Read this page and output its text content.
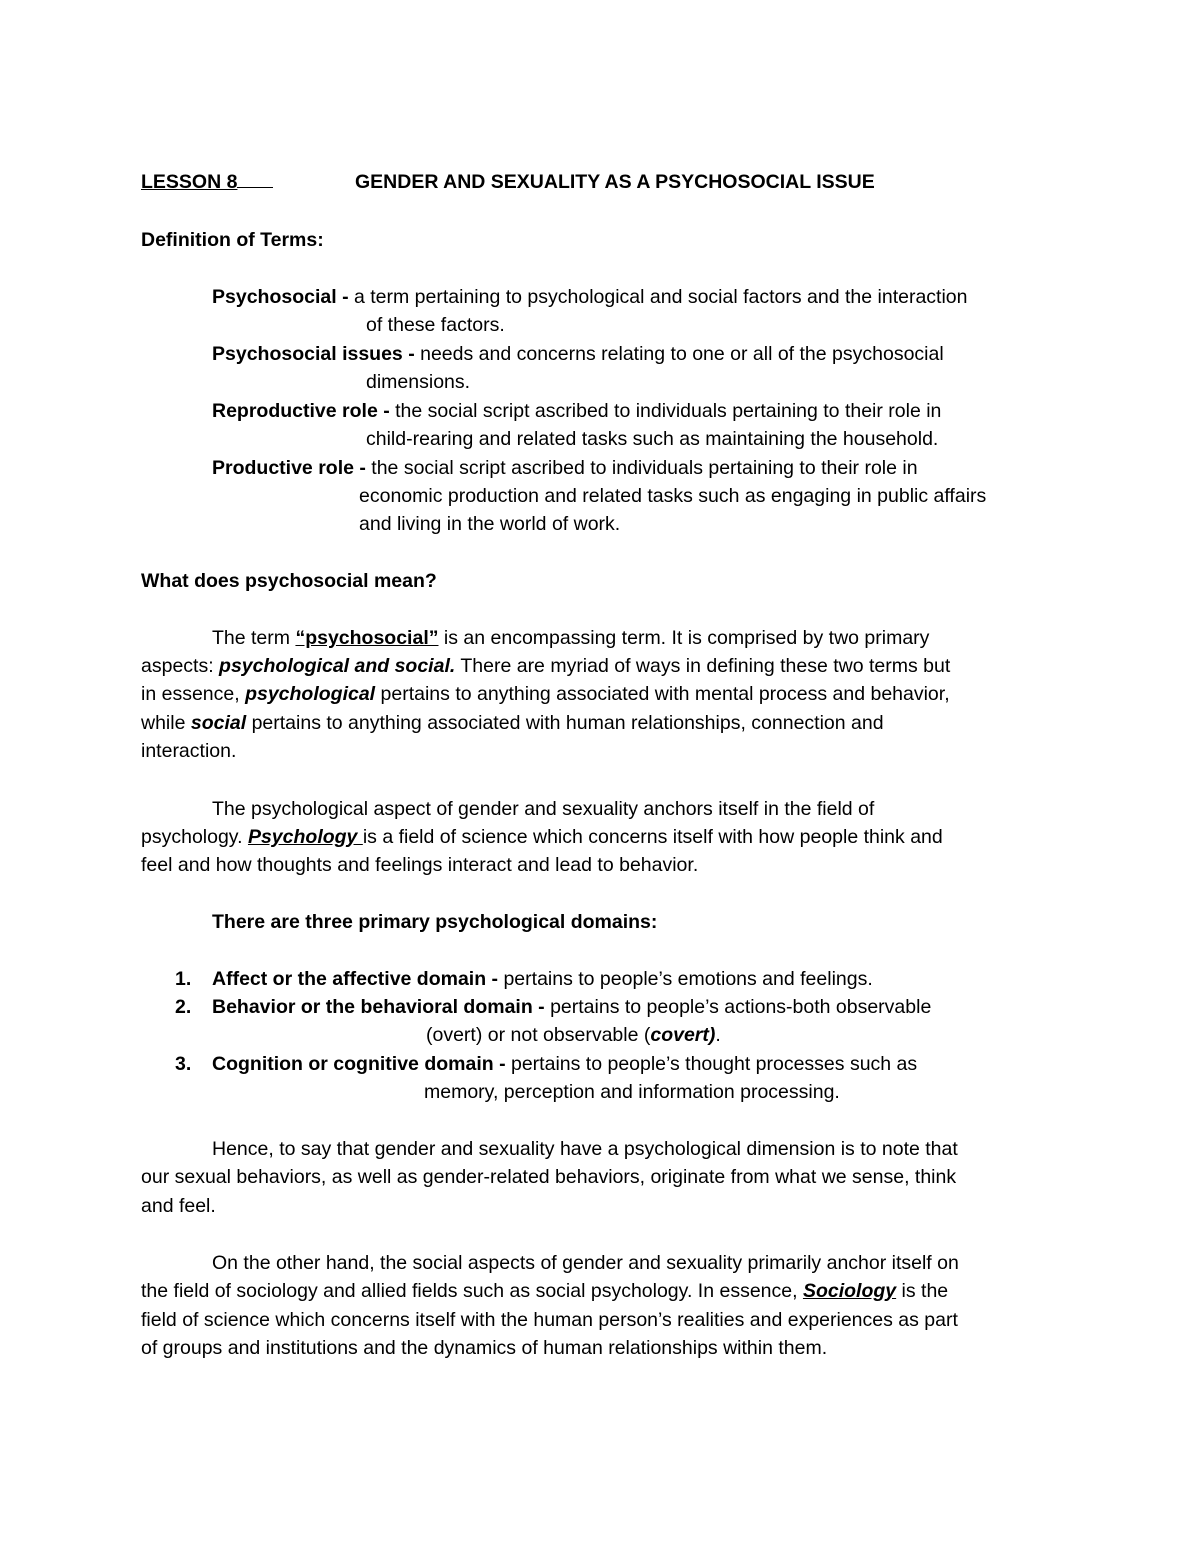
LESSON 8	GENDER AND SEXUALITY AS A PSYCHOSOCIAL ISSUE
Definition of Terms:
Psychosocial - a term pertaining to psychological and social factors and the interaction
of these factors.
Psychosocial issues - needs and concerns relating to one or all of the psychosocial
dimensions.
Reproductive role - the social script ascribed to individuals pertaining to their role in
child-rearing and related tasks such as maintaining the household.
Productive role - the social script ascribed to individuals pertaining to their role in
economic production and related tasks such as engaging in public affairs
and living in the world of work.
What does psychosocial mean?
The term “psychosocial” is an encompassing term. It is comprised by two primary
aspects: psychological and social. There are myriad of ways in defining these two terms but
in essence, psychological pertains to anything associated with mental process and behavior,
while social pertains to anything associated with human relationships, connection and
interaction.
The psychological aspect of gender and sexuality anchors itself in the field of
psychology. Psychology is a field of science which concerns itself with how people think and
feel and how thoughts and feelings interact and lead to behavior.
There are three primary psychological domains:
1. Affect or the affective domain - pertains to people’s emotions and feelings.
2. Behavior or the behavioral domain - pertains to people’s actions-both observable
(overt) or not observable (covert).
3. Cognition or cognitive domain - pertains to people’s thought processes such as
memory, perception and information processing.
Hence, to say that gender and sexuality have a psychological dimension is to note that
our sexual behaviors, as well as gender-related behaviors, originate from what we sense, think
and feel.
On the other hand, the social aspects of gender and sexuality primarily anchor itself on
the field of sociology and allied fields such as social psychology. In essence, Sociology is the
field of science which concerns itself with the human person’s realities and experiences as part
of groups and institutions and the dynamics of human relationships within them.
